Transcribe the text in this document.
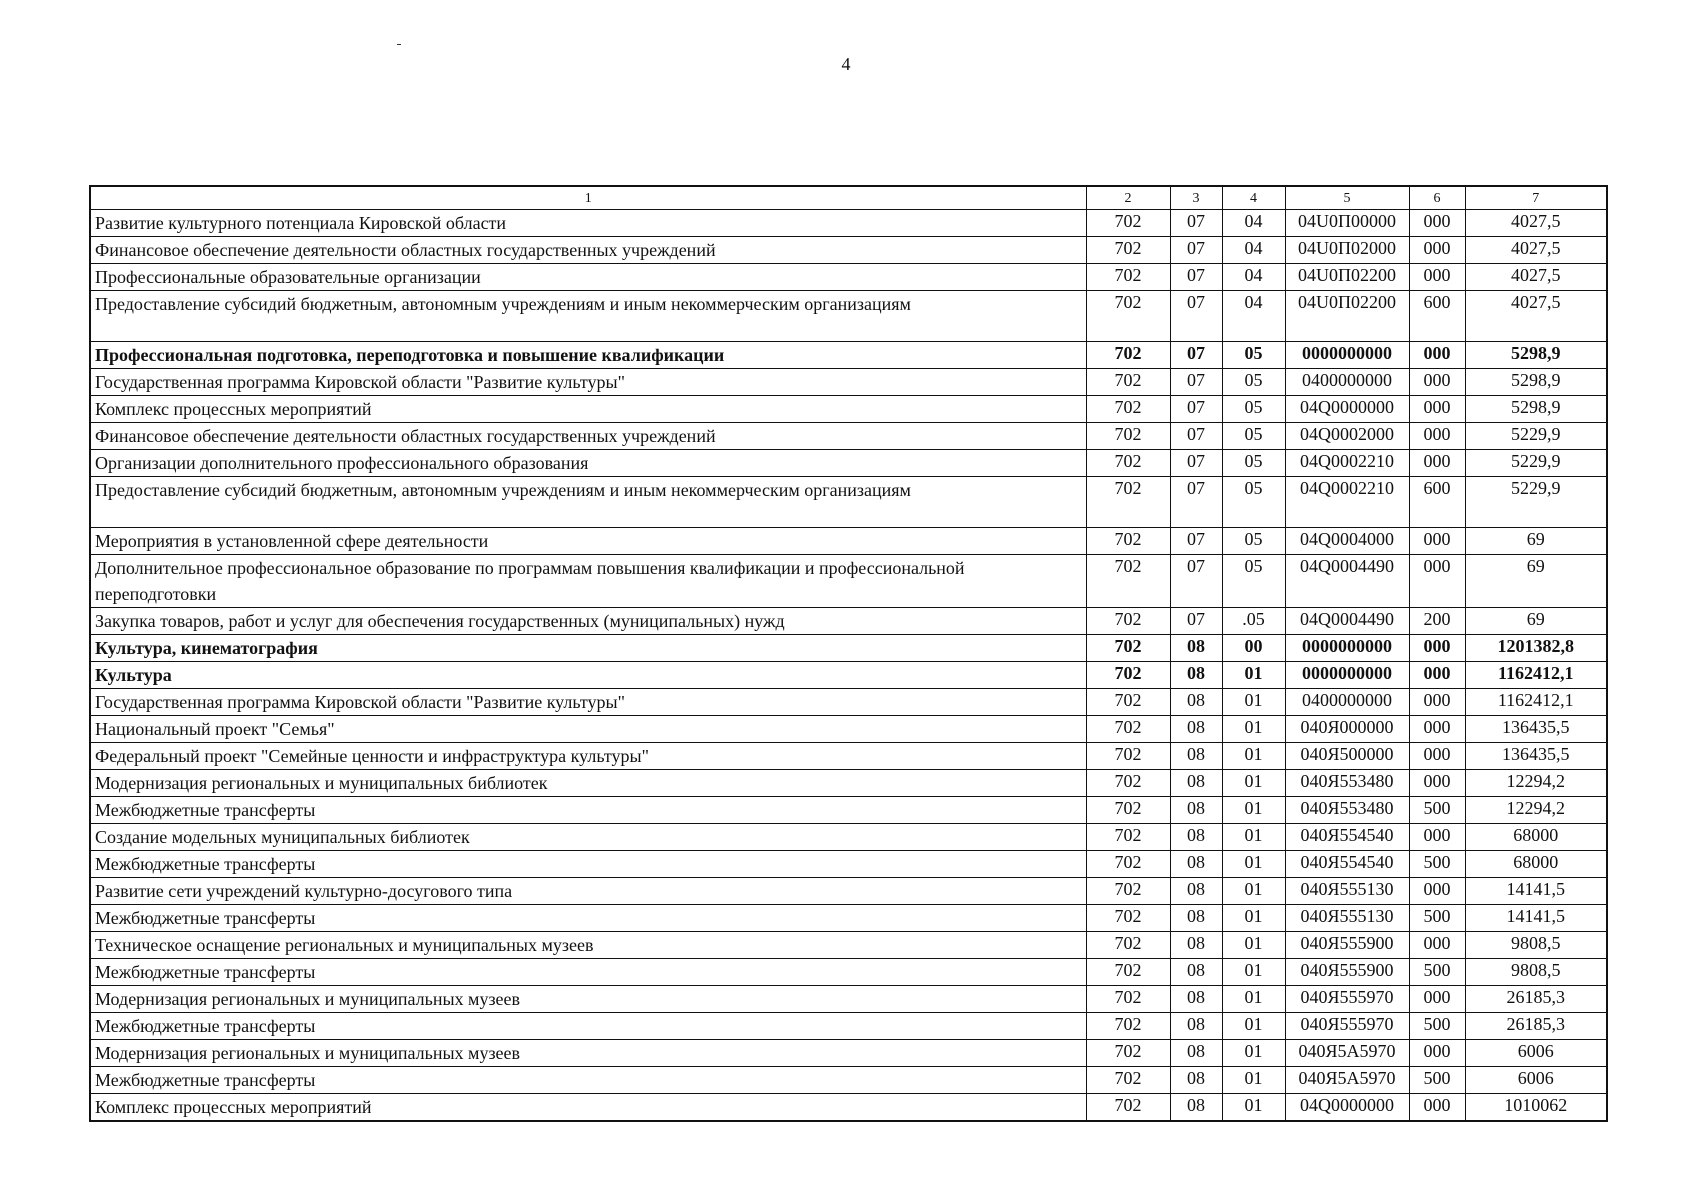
4
1	2	3	4	5	6	7
Развитие культурного потенциала Кировской области	702	07	04	04U0П00000	000	4027,5
Финансовое обеспечение деятельности областных государственных учреждений	702	07	04	04U0П02000	000	4027,5
Профессиональные образовательные организации	702	07	04	04U0П02200	000	4027,5
Предоставление субсидий бюджетным, автономным учреждениям и иным некоммерческим организациям	702	07	04	04U0П02200	600	4027,5
Профессиональная подготовка, переподготовка и повышение квалификации	702	07	05	0000000000	000	5298,9
Государственная программа Кировской области "Развитие культуры"	702	07	05	0400000000	000	5298,9
Комплекс процессных мероприятий	702	07	05	04Q0000000	000	5298,9
Финансовое обеспечение деятельности областных государственных учреждений	702	07	05	04Q0002000	000	5229,9
Организации дополнительного профессионального образования	702	07	05	04Q0002210	000	5229,9
Предоставление субсидий бюджетным, автономным учреждениям и иным некоммерческим организациям	702	07	05	04Q0002210	600	5229,9
Мероприятия в установленной сфере деятельности	702	07	05	04Q0004000	000	69
Дополнительное профессиональное образование по программам повышения квалификации и профессиональной переподготовки	702	07	05	04Q0004490	000	69
Закупка товаров, работ и услуг для обеспечения государственных (муниципальных) нужд	702	07	.05	04Q0004490	200	69
Культура, кинематография	702	08	00	0000000000	000	1201382,8
Культура	702	08	01	0000000000	000	1162412,1
Государственная программа Кировской области "Развитие культуры"	702	08	01	0400000000	000	1162412,1
Национальный проект "Семья"	702	08	01	040Я000000	000	136435,5
Федеральный проект "Семейные ценности и инфраструктура культуры"	702	08	01	040Я500000	000	136435,5
Модернизация региональных и муниципальных библиотек	702	08	01	040Я553480	000	12294,2
Межбюджетные трансферты	702	08	01	040Я553480	500	12294,2
Создание модельных муниципальных библиотек	702	08	01	040Я554540	000	68000
Межбюджетные трансферты	702	08	01	040Я554540	500	68000
Развитие сети учреждений культурно-досугового типа	702	08	01	040Я555130	000	14141,5
Межбюджетные трансферты	702	08	01	040Я555130	500	14141,5
Техническое оснащение региональных и муниципальных музеев	702	08	01	040Я555900	000	9808,5
Межбюджетные трансферты	702	08	01	040Я555900	500	9808,5
Модернизация региональных и муниципальных музеев	702	08	01	040Я555970	000	26185,3
Межбюджетные трансферты	702	08	01	040Я555970	500	26185,3
Модернизация региональных и муниципальных музеев	702	08	01	040Я5А5970	000	6006
Межбюджетные трансферты	702	08	01	040Я5А5970	500	6006
Комплекс процессных мероприятий	702	08	01	04Q0000000	000	1010062
